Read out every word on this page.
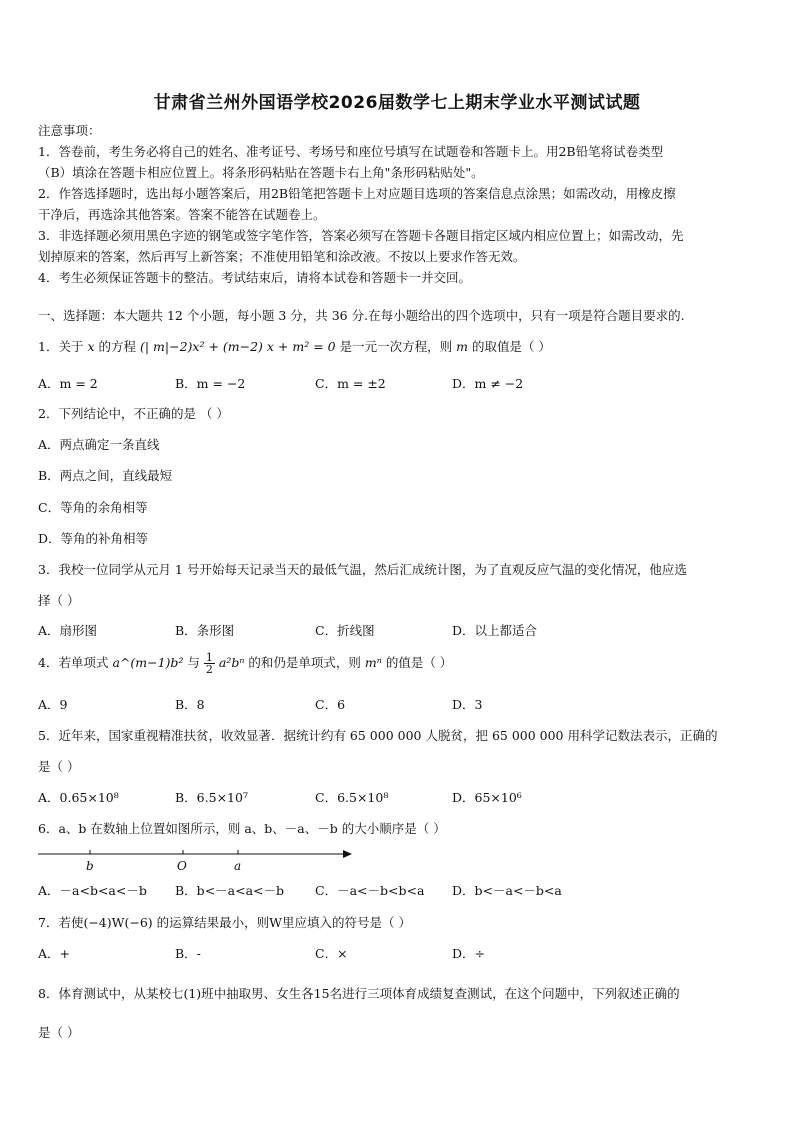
甘肃省兰州外国语学校2026届数学七上期末学业水平测试试题

注意事项：

1．答卷前，考生务必将自己的姓名、准考证号、考场号和座位号填写在试题卷和答题卡上。用2B铅笔将试卷类型

（B）填涂在答题卡相应位置上。将条形码粘贴在答题卡右上角"条形码粘贴处"。

2．作答选择题时，选出每小题答案后，用2B铅笔把答题卡上对应题目选项的答案信息点涂黑；如需改动，用橡皮擦

干净后，再选涂其他答案。答案不能答在试题卷上。

3．非选择题必须用黑色字迹的钢笔或签字笔作答，答案必须写在答题卡各题目指定区域内相应位置上；如需改动，先

划掉原来的答案，然后再写上新答案；不准使用铅笔和涂改液。不按以上要求作答无效。

4．考生必须保证答题卡的整洁。考试结束后，请将本试卷和答题卡一并交回。

一、选择题：本大题共 12 个小题，每小题 3 分，共 36 分.在每小题给出的四个选项中，只有一项是符合题目要求的.

1．关于 x 的方程 (| m|−2)x² + (m−2) x + m² = 0 是一元一次方程，则 m 的取值是（ ）

A．m = 2	B．m = −2	C．m = ±2	D．m ≠ −2

2．下列结论中，不正确的是 （ ）

A．两点确定一条直线
B．两点之间，直线最短
C．等角的余角相等
D．等角的补角相等

3．我校一位同学从元月 1 号开始每天记录当天的最低气温，然后汇成统计图，为了直观反应气温的变化情况，他应选

择（ ）

A．扇形图	B．条形图	C．折线图	D．以上都适合

4．若单项式 a^(m−1)b² 与 $\frac{1}{2} a^2b^n$ 的和仍是单项式，则 mⁿ 的值是（ ）

A．9	B．8	C．6	D．3

5．近年来，国家重视精准扶贫，收效显著．据统计约有 65 000 000 人脱贫，把 65 000 000 用科学记数法表示，正确的

是（ ）

A．0.65×10⁸	B．6.5×10⁷	C．6.5×10⁸	D．65×10⁶

6．a、b 在数轴上位置如图所示，则 a、b、－a、－b 的大小顺序是（ ）

b	O	a
A．－a<b<a<－b B．b<－a<a<－b C．－a<－b<b<a D．b<－a<－b<a

7．若使(−4)W(−6) 的运算结果最小，则W里应填入的符号是（ ）

A．+	B．-	C．×	D．÷

8．体育测试中，从某校七(1)班中抽取男、女生各15名进行三项体育成绩复查测试，在这个问题中，下列叙述正确的

是（ ）
